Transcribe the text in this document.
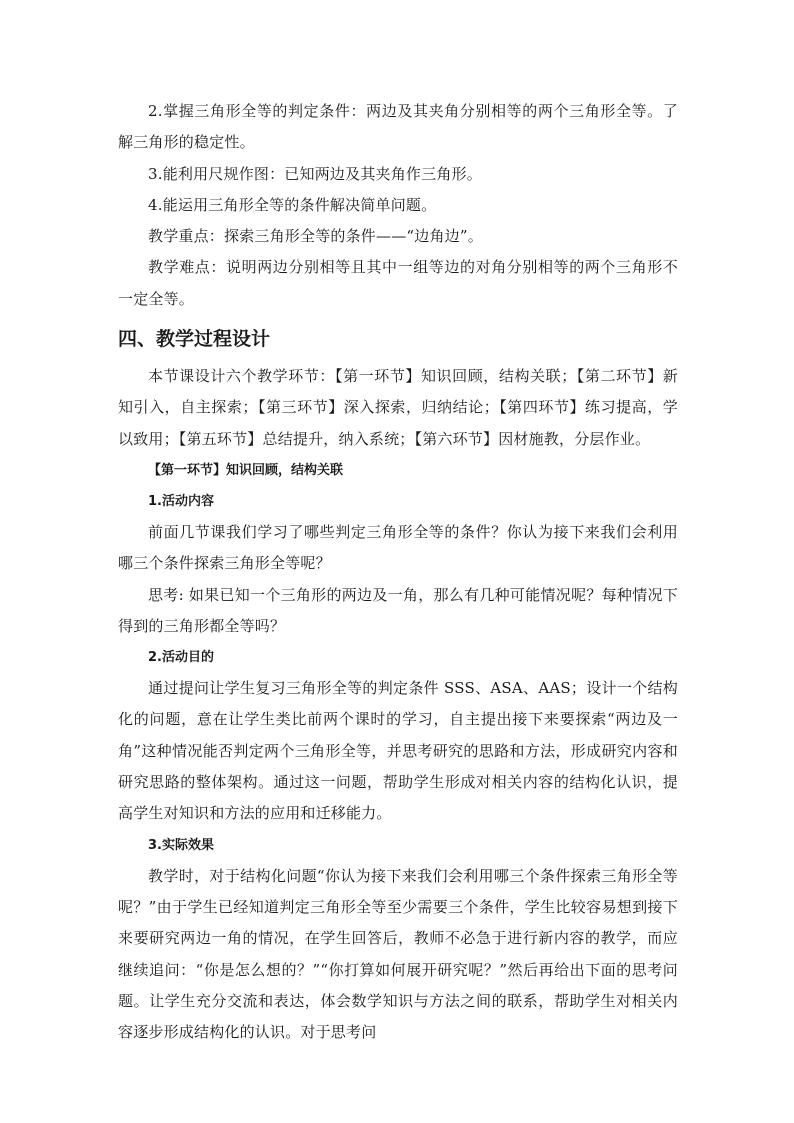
2.掌握三角形全等的判定条件：两边及其夹角分别相等的两个三角形全等。了解三角形的稳定性。

3.能利用尺规作图：已知两边及其夹角作三角形。

4.能运用三角形全等的条件解决简单问题。

教学重点：探索三角形全等的条件——“边角边”。

教学难点：说明两边分别相等且其中一组等边的对角分别相等的两个三角形不一定全等。

四、教学过程设计

本节课设计六个教学环节：【第一环节】知识回顾，结构关联；【第二环节】新知引入，自主探索；【第三环节】深入探索，归纳结论；【第四环节】练习提高，学以致用；【第五环节】总结提升，纳入系统；【第六环节】因材施教，分层作业。

【第一环节】知识回顾，结构关联
1.活动内容

前面几节课我们学习了哪些判定三角形全等的条件？你认为接下来我们会利用哪三个条件探索三角形全等呢？

思考: 如果已知一个三角形的两边及一角，那么有几种可能情况呢？每种情况下得到的三角形都全等吗？

2.活动目的

通过提问让学生复习三角形全等的判定条件 SSS、ASA、AAS；设计一个结构化的问题，意在让学生类比前两个课时的学习，自主提出接下来要探索“两边及一角”这种情况能否判定两个三角形全等，并思考研究的思路和方法，形成研究内容和研究思路的整体架构。通过这一问题，帮助学生形成对相关内容的结构化认识，提高学生对知识和方法的应用和迁移能力。

3.实际效果

教学时，对于结构化问题“你认为接下来我们会利用哪三个条件探索三角形全等呢？”由于学生已经知道判定三角形全等至少需要三个条件，学生比较容易想到接下来要研究两边一角的情况，在学生回答后，教师不必急于进行新内容的教学，而应继续追问：“你是怎么想的？”“你打算如何展开研究呢？”然后再给出下面的思考问题。让学生充分交流和表达，体会数学知识与方法之间的联系，帮助学生对相关内容逐步形成结构化的认识。对于思考问
